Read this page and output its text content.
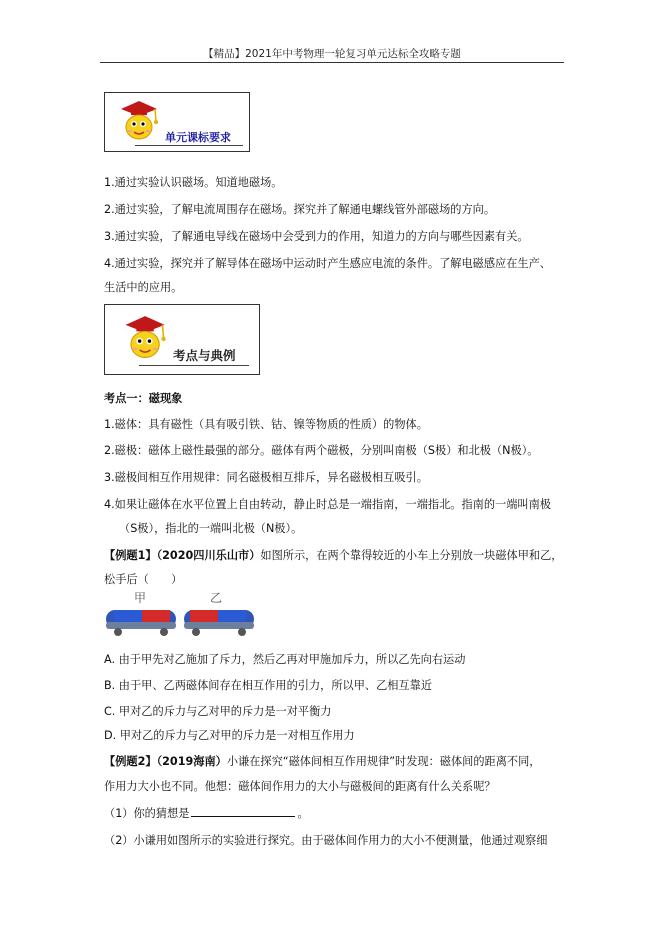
【精品】2021年中考物理一轮复习单元达标全攻略专题
单元课标要求
1.通过实验认识磁场。知道地磁场。
2.通过实验，了解电流周围存在磁场。探究并了解通电螺线管外部磁场的方向。
3.通过实验，了解通电导线在磁场中会受到力的作用，知道力的方向与哪些因素有关。
4.通过实验，探究并了解导体在磁场中运动时产生感应电流的条件。了解电磁感应在生产、
生活中的应用。
考点与典例
考点一：磁现象
1.磁体：具有磁性（具有吸引铁、钴、镍等物质的性质）的物体。
2.磁极：磁体上磁性最强的部分。磁体有两个磁极，分别叫南极（S极）和北极（N极）。
3.磁极间相互作用规律：同名磁极相互排斥，异名磁极相互吸引。
4.如果让磁体在水平位置上自由转动，静止时总是一端指南，一端指北。指南的一端叫南极
（S极），指北的一端叫北极（N极）。
【例题1】（2020四川乐山市）如图所示，在两个靠得较近的小车上分别放一块磁体甲和乙，
松手后（　　）
甲	乙
A. 由于甲先对乙施加了斥力，然后乙再对甲施加斥力，所以乙先向右运动
B. 由于甲、乙两磁体间存在相互作用的引力，所以甲、乙相互靠近
C. 甲对乙的斥力与乙对甲的斥力是一对平衡力
D. 甲对乙的斥力与乙对甲的斥力是一对相互作用力
【例题2】（2019海南）小谦在探究“磁体间相互作用规律”时发现：磁体间的距离不同，
作用力大小也不同。他想：磁体间作用力的大小与磁极间的距离有什么关系呢？
（1）你的猜想是	。
（2）小谦用如图所示的实验进行探究。由于磁体间作用力的大小不便测量，他通过观察细
